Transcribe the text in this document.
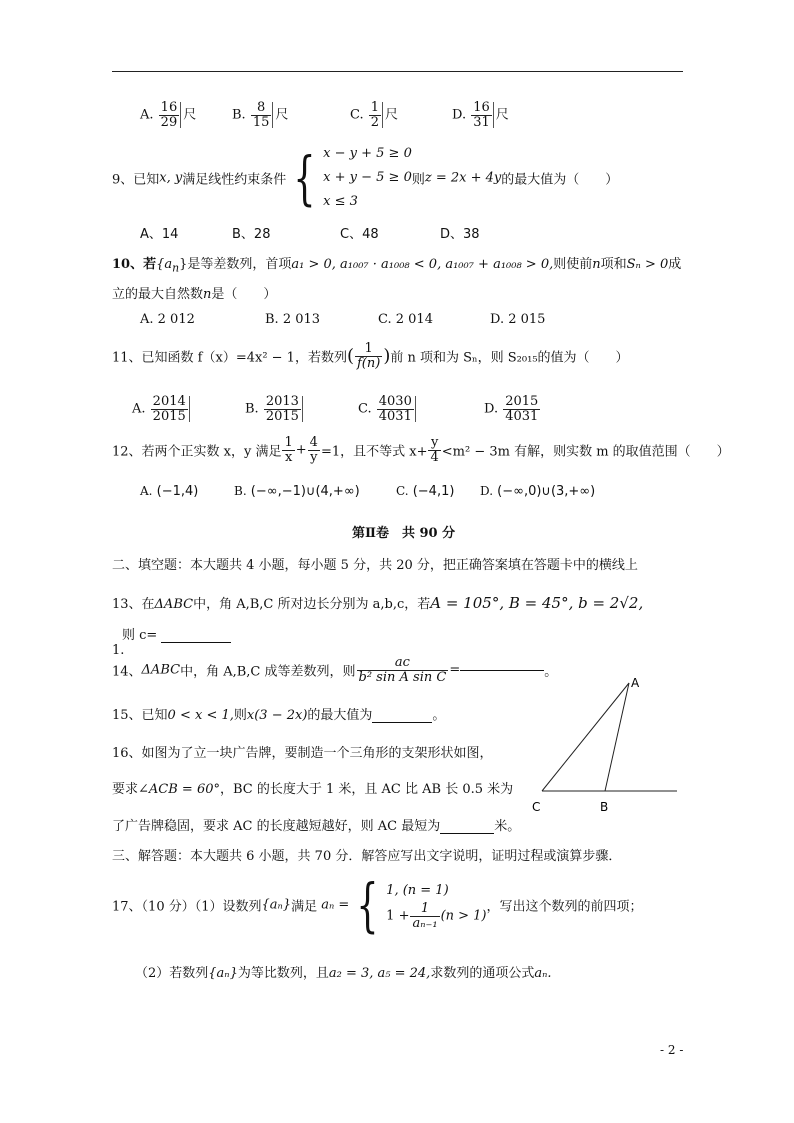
A. $\frac{16}{29}$ 尺	B. $\frac{8}{15}$ 尺	C. $\frac{1}{2}$ 尺	D. $\frac{16}{31}$ 尺
9、已知x, y满足线性约束条件 { x − y + 5 ≥ 0
x + y − 5 ≥ 0
x ≤ 3则z = 2x + 4y的最大值为（　　）
A、14	B、28	C、48	D、38
10、若$\{a_n\}$是等差数列，首项a₁ > 0, a₁₀₀₇ · a₁₀₀₈ < 0, a₁₀₀₇ + a₁₀₀₈ > 0,则使前n项和Sₙ > 0成
立的最大自然数n是（　　）
A. 2 012	B. 2 013	C. 2 014	D. 2 015
11、已知函数 f（x）=4x² − 1，若数列( $\frac{1}{f(n)}$ )前 n 项和为 Sₙ，则 S₂₀₁₅的值为（　　）
A. $\frac{2014}{2015}$	B. $\frac{2013}{2015}$	C. $\frac{4030}{4031}$	D. $\frac{2015}{4031}$
12、若两个正实数 x，y 满足 $\frac{1}{x} + \frac{4}{y} =1$，且不等式 $x+ \frac{y}{4} <m^2 - 3m$ 有解，则实数 m 的取值范围（　　）
A. (−1,4)	B. (−∞,−1)∪(4,+∞)	C. (−4,1) D. (−∞,0)∪(3,+∞)
第Ⅱ卷　共 90 分
二、填空题：本大题共 4 小题，每小题 5 分，共 20 分，把正确答案填在答题卡中的横线上
13、在ΔABC中，角 A,B,C 所对边长分别为 a,b,c，若A = 105°, B = 45°, b = 2√2,
则 c=
1.
14、ΔABC中，角 A,B,C 成等差数列，则 $\frac{ac}{\text{b² sin A sin C}}$ =	。
15、已知0 < x < 1,则x(3 − 2x)的最大值为	。
16、如图为了立一块广告牌，要制造一个三角形的支架形状如图，
要求∠ACB = 60°，BC 的长度大于 1 米，且 AC 比 AB 长 0.5 米为
了广告牌稳固，要求 AC 的长度越短越好，则 AC 最短为	米。
A
B
C
三、解答题：本大题共 6 小题，共 70 分．解答应写出文字说明，证明过程或演算步骤．
17、（10 分）（1）设数列{aₙ}满足 aₙ = { 1, (n = 1)
$1 + \frac{1}{\text{aₙ₋₁}} (n > 1)$，写出这个数列的前四项；
（2）若数列{aₙ}为等比数列，且a₂ = 3, a₅ = 24,求数列的通项公式aₙ.
- 2 -
